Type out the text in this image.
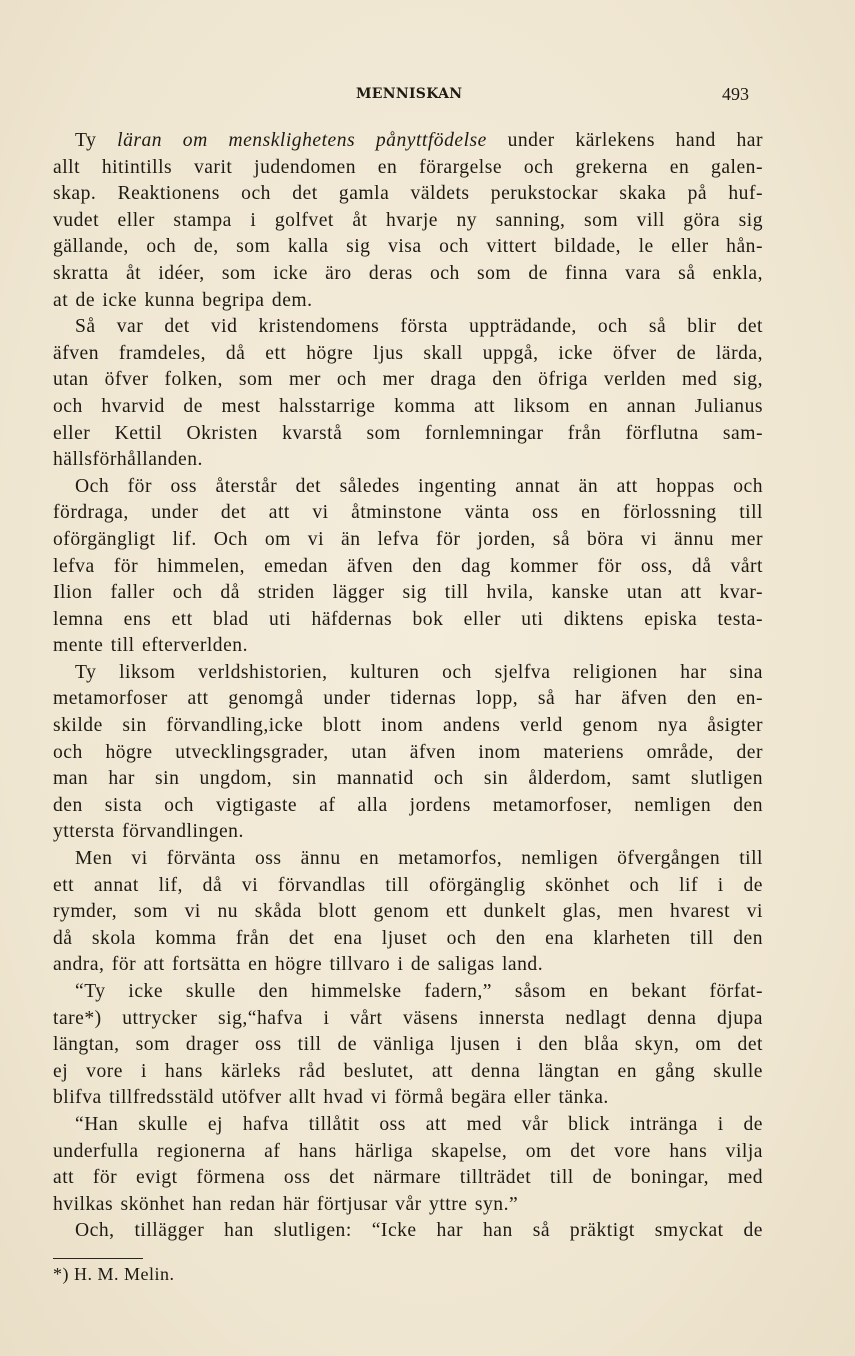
MENNISKAN	493
Ty läran om mensklighetens pånyttfödelse under kärlekens hand har
allt hitintills varit judendomen en förargelse och grekerna en galen-
skap. Reaktionens och det gamla väldets perukstockar skaka på huf-
vudet eller stampa i golfvet åt hvarje ny sanning, som vill göra sig
gällande, och de, som kalla sig visa och vittert bildade, le eller hån-
skratta åt idéer, som icke äro deras och som de finna vara så enkla,
at de icke kunna begripa dem.
Så var det vid kristendomens första uppträdande, och så blir det
äfven framdeles, då ett högre ljus skall uppgå, icke öfver de lärda,
utan öfver folken, som mer och mer draga den öfriga verlden med sig,
och hvarvid de mest halsstarrige komma att liksom en annan Julianus
eller Kettil Okristen kvarstå som fornlemningar från förflutna sam-
hällsförhållanden.
Och för oss återstår det således ingenting annat än att hoppas och
fördraga, under det att vi åtminstone vänta oss en förlossning till
oförgängligt lif. Och om vi än lefva för jorden, så böra vi ännu mer
lefva för himmelen, emedan äfven den dag kommer för oss, då vårt
Ilion faller och då striden lägger sig till hvila, kanske utan att kvar-
lemna ens ett blad uti häfdernas bok eller uti diktens episka testa-
mente till efterverlden.
Ty liksom verldshistorien, kulturen och sjelfva religionen har sina
metamorfoser att genomgå under tidernas lopp, så har äfven den en-
skilde sin förvandling,icke blott inom andens verld genom nya åsigter
och högre utvecklingsgrader, utan äfven inom materiens område, der
man har sin ungdom, sin mannatid och sin ålderdom, samt slutligen
den sista och vigtigaste af alla jordens metamorfoser, nemligen den
yttersta förvandlingen.
Men vi förvänta oss ännu en metamorfos, nemligen öfvergången till
ett annat lif, då vi förvandlas till oförgänglig skönhet och lif i de
rymder, som vi nu skåda blott genom ett dunkelt glas, men hvarest vi
då skola komma från det ena ljuset och den ena klarheten till den
andra, för att fortsätta en högre tillvaro i de saligas land.
“Ty icke skulle den himmelske fadern,” såsom en bekant förfat-
tare*) uttrycker sig,“hafva i vårt väsens innersta nedlagt denna djupa
längtan, som drager oss till de vänliga ljusen i den blåa skyn, om det
ej vore i hans kärleks råd beslutet, att denna längtan en gång skulle
blifva tillfredsstäld utöfver allt hvad vi förmå begära eller tänka.
“Han skulle ej hafva tillåtit oss att med vår blick intränga i de
underfulla regionerna af hans härliga skapelse, om det vore hans vilja
att för evigt förmena oss det närmare tillträdet till de boningar, med
hvilkas skönhet han redan här förtjusar vår yttre syn.”
Och, tillägger han slutligen: “Icke har han så präktigt smyckat de
*) H. M. Melin.
